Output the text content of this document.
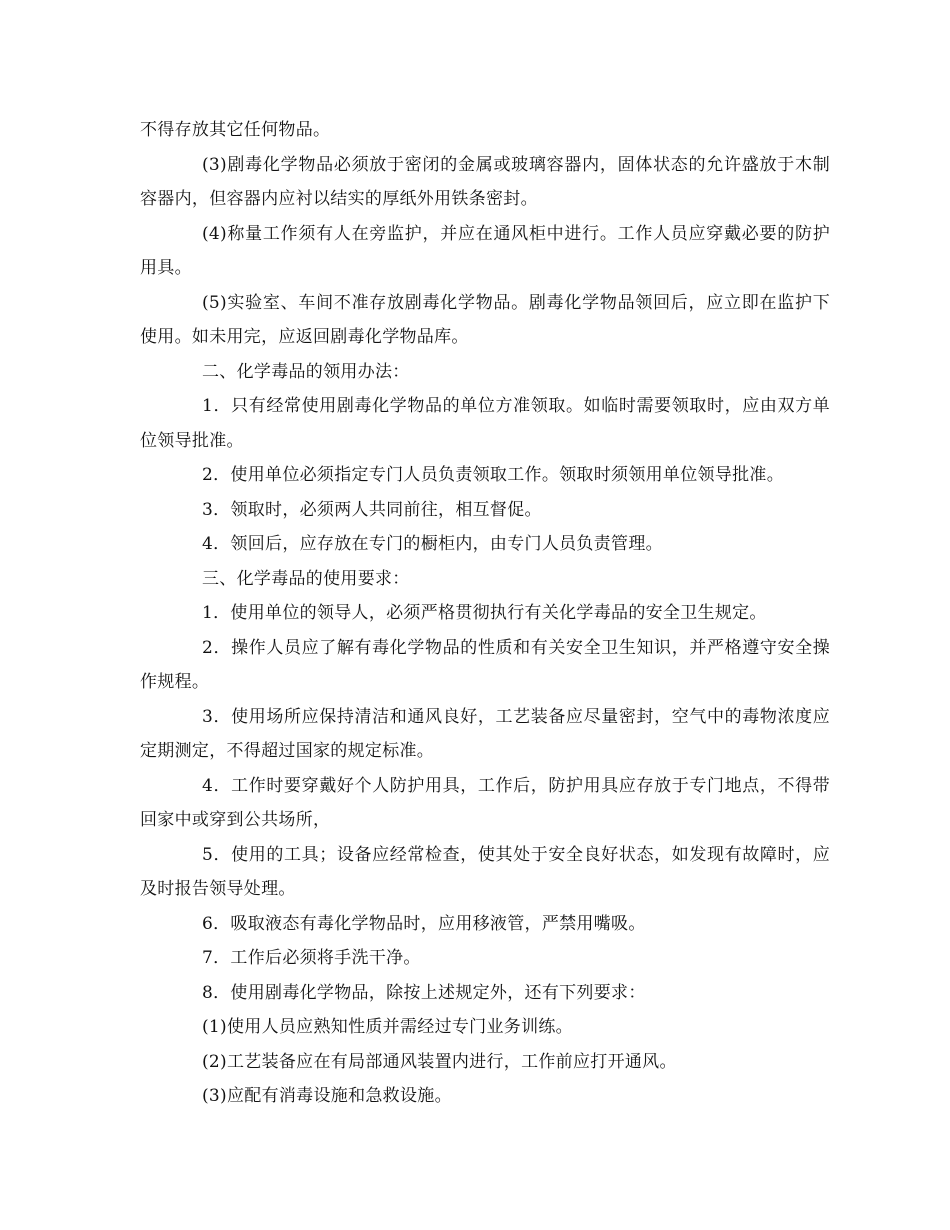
不得存放其它任何物品。

(3)剧毒化学物品必须放于密闭的金属或玻璃容器内，固体状态的允许盛放于木制容器内，但容器内应衬以结实的厚纸外用铁条密封。

(4)称量工作须有人在旁监护，并应在通风柜中进行。工作人员应穿戴必要的防护用具。

(5)实验室、车间不准存放剧毒化学物品。剧毒化学物品领回后，应立即在监护下使用。如未用完，应返回剧毒化学物品库。

二、化学毒品的领用办法：

1．只有经常使用剧毒化学物品的单位方准领取。如临时需要领取时，应由双方单位领导批准。

2．使用单位必须指定专门人员负责领取工作。领取时须领用单位领导批准。

3．领取时，必须两人共同前往，相互督促。

4．领回后，应存放在专门的橱柜内，由专门人员负责管理。

三、化学毒品的使用要求：

1．使用单位的领导人，必须严格贯彻执行有关化学毒品的安全卫生规定。

2．操作人员应了解有毒化学物品的性质和有关安全卫生知识，并严格遵守安全操作规程。

3．使用场所应保持清洁和通风良好，工艺装备应尽量密封，空气中的毒物浓度应定期测定，不得超过国家的规定标准。

4．工作时要穿戴好个人防护用具，工作后，防护用具应存放于专门地点，不得带回家中或穿到公共场所，

5．使用的工具；设备应经常检查，使其处于安全良好状态，如发现有故障时，应及时报告领导处理。

6．吸取液态有毒化学物品时，应用移液管，严禁用嘴吸。

7．工作后必须将手洗干净。

8．使用剧毒化学物品，除按上述规定外，还有下列要求：

(1)使用人员应熟知性质并需经过专门业务训练。

(2)工艺装备应在有局部通风装置内进行，工作前应打开通风。

(3)应配有消毒设施和急救设施。
